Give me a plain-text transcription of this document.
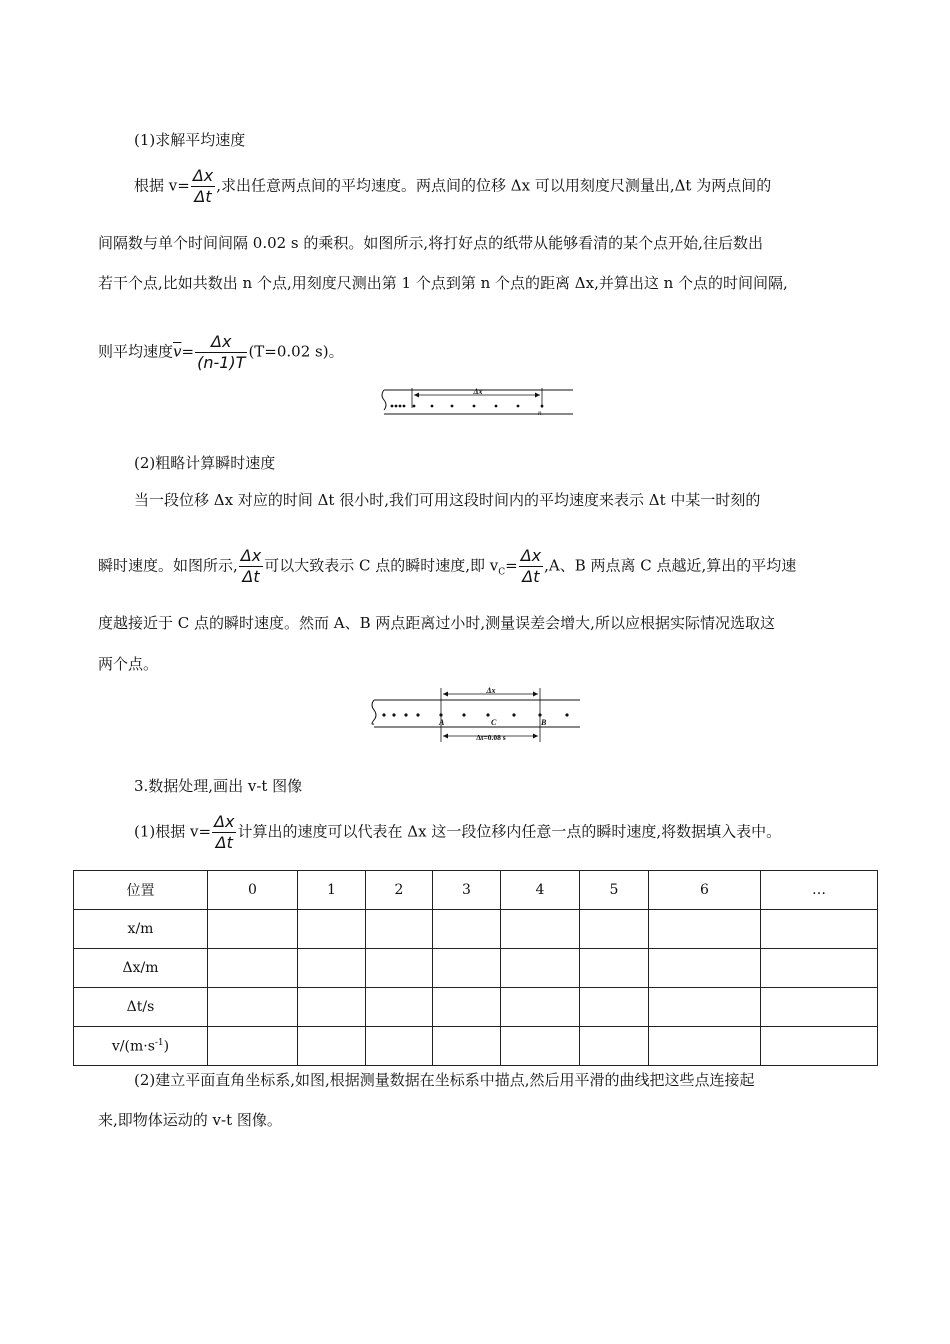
(1)求解平均速度
根据 $v= \frac{\Delta x}{\Delta t}$ ,求出任意两点间的平均速度。两点间的位移 Δx 可以用刻度尺测量出,Δt 为两点间的
间隔数与单个时间间隔 0.02 s 的乘积。如图所示,将打好点的纸带从能够看清的某个点开始,往后数出
若干个点,比如共数出 n 个点,用刻度尺测出第 1 个点到第 n 个点的距离 Δx,并算出这 n 个点的时间间隔,
则平均速度$\overline{v}= \frac{\Delta x}{(n-1)T} (T=0.02$ s)。
Δx
n
(2)粗略计算瞬时速度
当一段位移 Δx 对应的时间 Δt 很小时,我们可用这段时间内的平均速度来表示 Δt 中某一时刻的
瞬时速度。如图所示, $\frac{\Delta x}{\Delta t}$ 可以大致表示 C 点的瞬时速度,即 $v_C= \frac{\Delta x}{\Delta t} ,A$、B 两点离 C 点越近,算出的平均速
度越接近于 C 点的瞬时速度。然而 A、B 两点距离过小时,测量误差会增大,所以应根据实际情况选取这
两个点。
Δx
A	C	B
Δt=0.08 s
3.数据处理,画出 v-t 图像
(1)根据 $v= \frac{\Delta x}{\Delta t}$ 计算出的速度可以代表在 Δx 这一段位移内任意一点的瞬时速度,将数据填入表中。
位置	0	1	2	3	4	5	6	…
x/m								
Δx/m								
Δt/s								
$v/(m\cdot s^{-1})$								
(2)建立平面直角坐标系,如图,根据测量数据在坐标系中描点,然后用平滑的曲线把这些点连接起
来,即物体运动的 v-t 图像。
